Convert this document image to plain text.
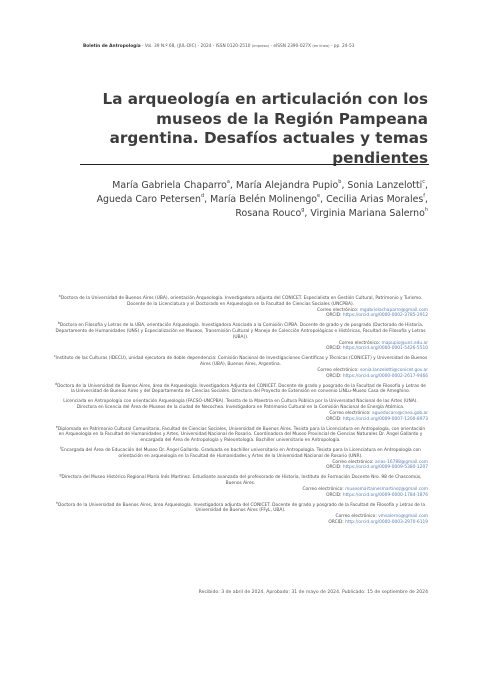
Boletín de Antropología - Vol. 39 N.º 68, (JUL-DIC) - 2024 - ISSN 0120-2510 (impreso) - eISSN 2390-027X (en línea) - pp. 24-53
La arqueología en articulación con los museos de la Región Pampeana argentina. Desafíos actuales y temas pendientes

María Gabriela Chaparro$^a$, María Alejandra Pupio$^b$, Sonia Lanzelotti$^c$,
Agueda Caro Petersen$^d$, María Belén Molinengo$^e$, Cecilia Arias Morales$^f$,
Rosana Rouco$^g$, Virginia Mariana Salerno$^h$

$^a$Doctora de la Universidad de Buenos Aires (UBA), orientación Arqueología. Investigadora adjunta del CONICET. Especialista en Gestión Cultural, Patrimonio y Turismo. Docente de la Licenciatura y el Doctorado en Arqueología en la Facultad de Ciencias Sociales (UNCPBA).
Correo electrónico: mgabrielachaparro@gmail.com
ORCID: https://orcid.org/0000-0002-3785-2912
$^b$Doctora en Filosofía y Letras de la UBA, orientación Arqueología. Investigadora Asociada a la Comisión CIPBA. Docente de grado y de posgrado (Doctorado de Historia, Departamento de Humanidades (UNS) y Especialización en Museos, Transmisión Cultural y Manejo de Colección Antropológicas e Históricas, Facultad de Filosofía y Letras (UBA)).
Correo electrónico: mapupio@uns.edu.ar
ORCID: https://orcid.org/0000-0001-5426-5510
$^c$Instituto de las Culturas (IDECU), unidad ejecutora de doble dependencia: Comisión Nacional de Investigaciones Científicas y Técnicas (CONICET) y Universidad de Buenos Aires (UBA), Buenos Aires, Argentina.
Correo electrónico: sonia.lanzelotti@conicet.gov.ar
ORCID: https://orcid.org/0000-0002-2617-9466
$^d$Doctora de la Universidad de Buenos Aires, área de Arqueología. Investigadora Adjunta del CONICET. Docente de grado y posgrado de la Facultad de Filosofía y Letras de la Universidad de Buenos Aires y del Departamento de Ciencias Sociales. Directora del Proyecto de Extensión en convenio LINLu-Museo Casa de Ameghino.
Licenciada en Antropología con orientación Arqueología (FACSO-UNCPBA). Tesista de la Maestría en Cultura Pública por la Universidad Nacional de las Artes (UNA). Directora en licencia del Área de Museos de la ciudad de Necochea. Investigadora en Patrimonio Cultural en la Comisión Nacional de Energía Atómica.
Correo electrónico: agueducaro@cnea.gob.ar
ORCID: https://orcid.org/0009-0007-1200-8973
$^e$Diplomada en Patrimonio Cultural Comunitario, Facultad de Ciencias Sociales, Universidad de Buenos Aires. Tesista para la Licenciatura en Antropología, con orientación en Arqueología en la Facultad de Humanidades y Artes, Universidad Nacional de Rosario. Coordinadora del Museo Provincial de Ciencias Naturales Dr. Ángel Gallardo y encargada del Área de Antropología y Paleontología. Bachiller universitario en Antropología.
$^f$Encargada del Área de Educación del Museo Dr. Ángel Gallardo. Graduada en bachiller universitario en Antropología. Tesista para la Licenciatura en Antropología con orientación en arqueología en la Facultad de Humanidades y Artes de la Universidad Nacional de Rosario (UNR).
Correo electrónico: arias-16788@gmail.com
ORCID: https://orcid.org/0009-0009-5380-1207
$^g$Directora del Museo Histórico Regional María Inés Martínez. Estudiante avanzada del profesorado de Historia, Instituto de Formación Docente Nro. 98 de Chascomús, Buenos Aires.
Correo electrónico: museomartainesmartinez@gmail.com
ORCID: https://orcid.org/0009-0000-1784-1876
$^h$Doctora de la Universidad de Buenos Aires, área Arqueología. Investigadora adjunta del CONICET. Docente de grado y posgrado de la Facultad de Filosofía y Letras de la Universidad de Buenos Aires (FFyL, UBA).
Correo electrónico: vmsalerno@gmail.com
ORCID: http://orcid.org/0000-0003-2970-6119
Recibido: 3 de abril de 2024. Aprobado: 31 de mayo de 2024. Publicado: 15 de septiembre de 2024
